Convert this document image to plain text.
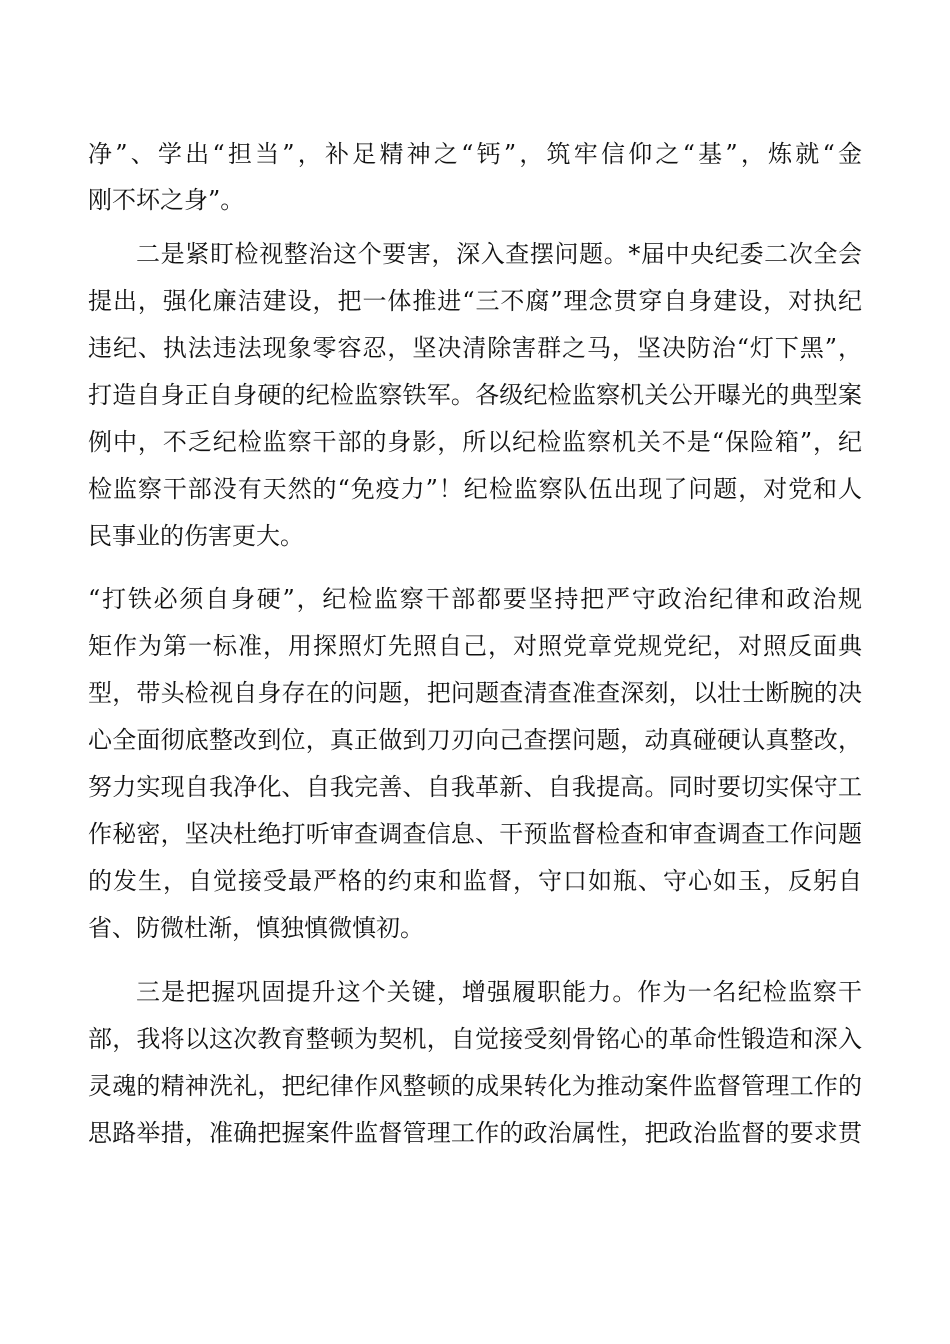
净”、学出“担当”，补足精神之“钙”，筑牢信仰之“基”，炼就“金
刚不坏之身”。
二是紧盯检视整治这个要害，深入查摆问题。*届中央纪委二次全会
提出，强化廉洁建设，把一体推进“三不腐”理念贯穿自身建设，对执纪
违纪、执法违法现象零容忍，坚决清除害群之马，坚决防治“灯下黑”，
打造自身正自身硬的纪检监察铁军。各级纪检监察机关公开曝光的典型案
例中，不乏纪检监察干部的身影，所以纪检监察机关不是“保险箱”，纪
检监察干部没有天然的“免疫力”！纪检监察队伍出现了问题，对党和人
民事业的伤害更大。
“打铁必须自身硬”，纪检监察干部都要坚持把严守政治纪律和政治规
矩作为第一标准，用探照灯先照自己，对照党章党规党纪，对照反面典
型，带头检视自身存在的问题，把问题查清查准查深刻，以壮士断腕的决
心全面彻底整改到位，真正做到刀刃向己查摆问题，动真碰硬认真整改，
努力实现自我净化、自我完善、自我革新、自我提高。同时要切实保守工
作秘密，坚决杜绝打听审查调查信息、干预监督检查和审查调查工作问题
的发生，自觉接受最严格的约束和监督，守口如瓶、守心如玉，反躬自
省、防微杜渐，慎独慎微慎初。
三是把握巩固提升这个关键，增强履职能力。作为一名纪检监察干
部，我将以这次教育整顿为契机，自觉接受刻骨铭心的革命性锻造和深入
灵魂的精神洗礼，把纪律作风整顿的成果转化为推动案件监督管理工作的
思路举措，准确把握案件监督管理工作的政治属性，把政治监督的要求贯
